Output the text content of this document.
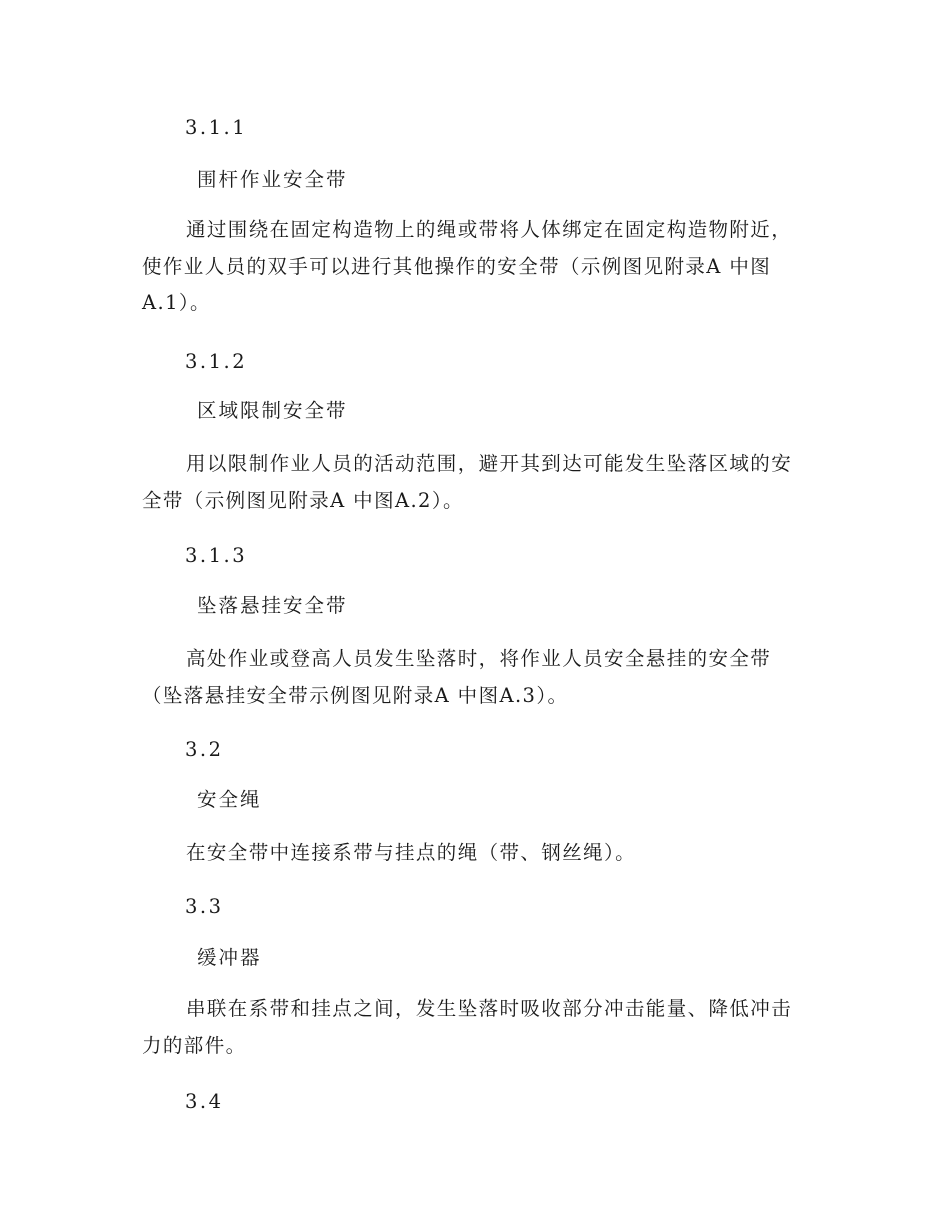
3.1.1

围杆作业安全带

通过围绕在固定构造物上的绳或带将人体绑定在固定构造物附近，使作业人员的双手可以进行其他操作的安全带（示例图见附录A 中图 A.1）。

3.1.2

区域限制安全带

用以限制作业人员的活动范围，避开其到达可能发生坠落区域的安全带（示例图见附录A 中图A.2）。

3.1.3

坠落悬挂安全带

高处作业或登高人员发生坠落时，将作业人员安全悬挂的安全带（坠落悬挂安全带示例图见附录A 中图A.3）。

3.2

安全绳

在安全带中连接系带与挂点的绳（带、钢丝绳）。

3.3

缓冲器

串联在系带和挂点之间，发生坠落时吸收部分冲击能量、降低冲击力的部件。

3.4
